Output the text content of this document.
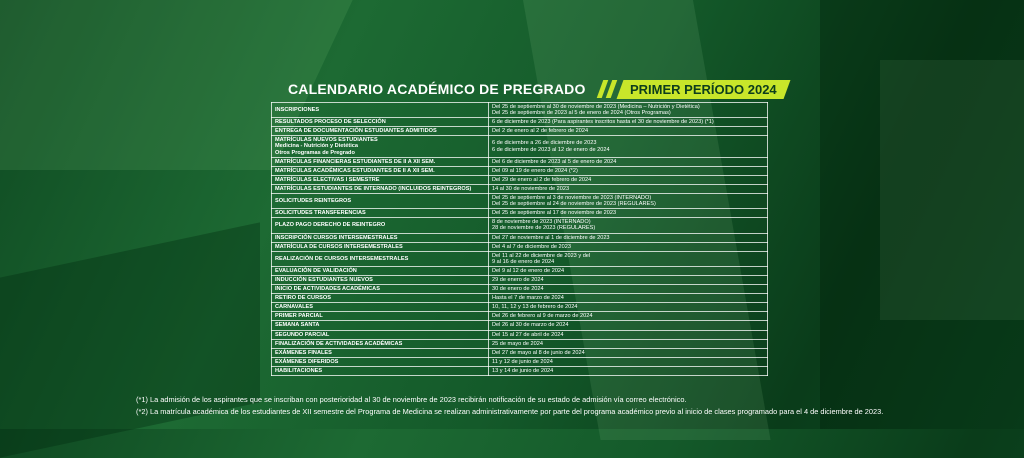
CALENDARIO ACADÉMICO DE PREGRADO	PRIMER PERÍODO 2024
INSCRIPCIONES	Del 25 de septiembre al 30 de noviembre de 2023 (Medicina – Nutrición y Dietética)
Del 25 de septiembre de 2023 al 5 de enero de 2024 (Otros Programas)

RESULTADOS PROCESO DE SELECCIÓN	6 de diciembre de 2023 (Para aspirantes inscritos hasta el 30 de noviembre de 2023) (*1)

ENTREGA DE DOCUMENTACIÓN ESTUDIANTES ADMITIDOS	Del 2 de enero al 2 de febrero de 2024

MATRÍCULAS NUEVOS ESTUDIANTES
Medicina - Nutrición y Dietética
Otros Programas de Pregrado	6 de diciembre a 26 de diciembre de 2023
6 de diciembre de 2023 al 12 de enero de 2024

MATRÍCULAS FINANCIERAS ESTUDIANTES DE II A XII SEM.	Del 6 de diciembre de 2023 al 5 de enero de 2024

MATRÍCULAS ACADÉMICAS ESTUDIANTES DE II A XII SEM.	Del 09 al 19 de enero de 2024 (*2)

MATRÍCULAS ELECTIVAS I SEMESTRE	Del 29 de enero al 2 de febrero de 2024

MATRÍCULAS ESTUDIANTES DE INTERNADO (INCLUIDOS REINTEGROS)	14 al 30 de noviembre de 2023

SOLICITUDES REINTEGROS	Del 25 de septiembre al 3 de noviembre de 2023 (INTERNADO)
Del 25 de septiembre al 24 de noviembre de 2023 (REGULARES)

SOLICITUDES TRANSFERENCIAS	Del 25 de septiembre al 17 de noviembre de 2023

PLAZO PAGO DERECHO DE REINTEGRO	8 de noviembre de 2023 (INTERNADO)
28 de noviembre de 2023 (REGULARES)

INSCRIPCIÓN CURSOS INTERSEMESTRALES	Del 27 de noviembre al 1 de diciembre de 2023

MATRÍCULA DE CURSOS INTERSEMESTRALES	Del 4 al 7 de diciembre de 2023

REALIZACIÓN DE CURSOS INTERSEMESTRALES	Del 11 al 22 de diciembre de 2023 y del
9 al 16 de enero de 2024

EVALUACIÓN DE VALIDACIÓN	Del 9 al 12 de enero de 2024

INDUCCIÓN ESTUDIANTES NUEVOS	29 de enero de 2024

INICIO DE ACTIVIDADES ACADÉMICAS	30 de enero de 2024

RETIRO DE CURSOS	Hasta el 7 de marzo de 2024

CARNAVALES	10, 11, 12 y 13 de febrero de 2024

PRIMER PARCIAL	Del 26 de febrero al 9 de marzo de 2024

SEMANA SANTA	Del 26 al 30 de marzo de 2024

SEGUNDO PARCIAL	Del 15 al 27 de abril de 2024

FINALIZACIÓN DE ACTIVIDADES ACADÉMICAS	25 de mayo de 2024

EXÁMENES FINALES	Del 27 de mayo al 8 de junio de 2024

EXÁMENES DIFERIDOS	11 y 12 de junio de 2024

HABILITACIONES	13 y 14 de junio de 2024
(*1) La admisión de los aspirantes que se inscriban con posterioridad al 30 de noviembre de 2023 recibirán notificación de su estado de admisión vía correo electrónico.
(*2) La matrícula académica de los estudiantes de XII semestre del Programa de Medicina se realizan administrativamente por parte del programa académico previo al inicio de clases programado para el 4 de diciembre de 2023.
